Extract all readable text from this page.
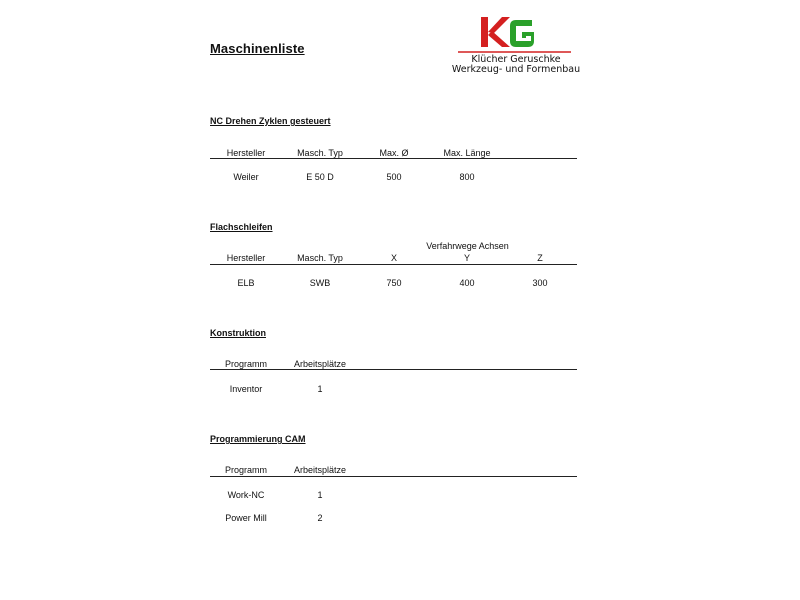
Maschinenliste
Klücher Geruschke
Werkzeug- und Formenbau
NC Drehen Zyklen gesteuert
Hersteller	Masch. Typ	Max. Ø	Max. Länge
Weiler	E 50 D	500	800
Flachschleifen
Verfahrwege Achsen
Hersteller	Masch. Typ	X	Y	Z
ELB	SWB	750	400	300
Konstruktion
Programm	Arbeitsplätze
Inventor	1
Programmierung CAM
Programm	Arbeitsplätze
Work-NC	1
Power Mill	2
